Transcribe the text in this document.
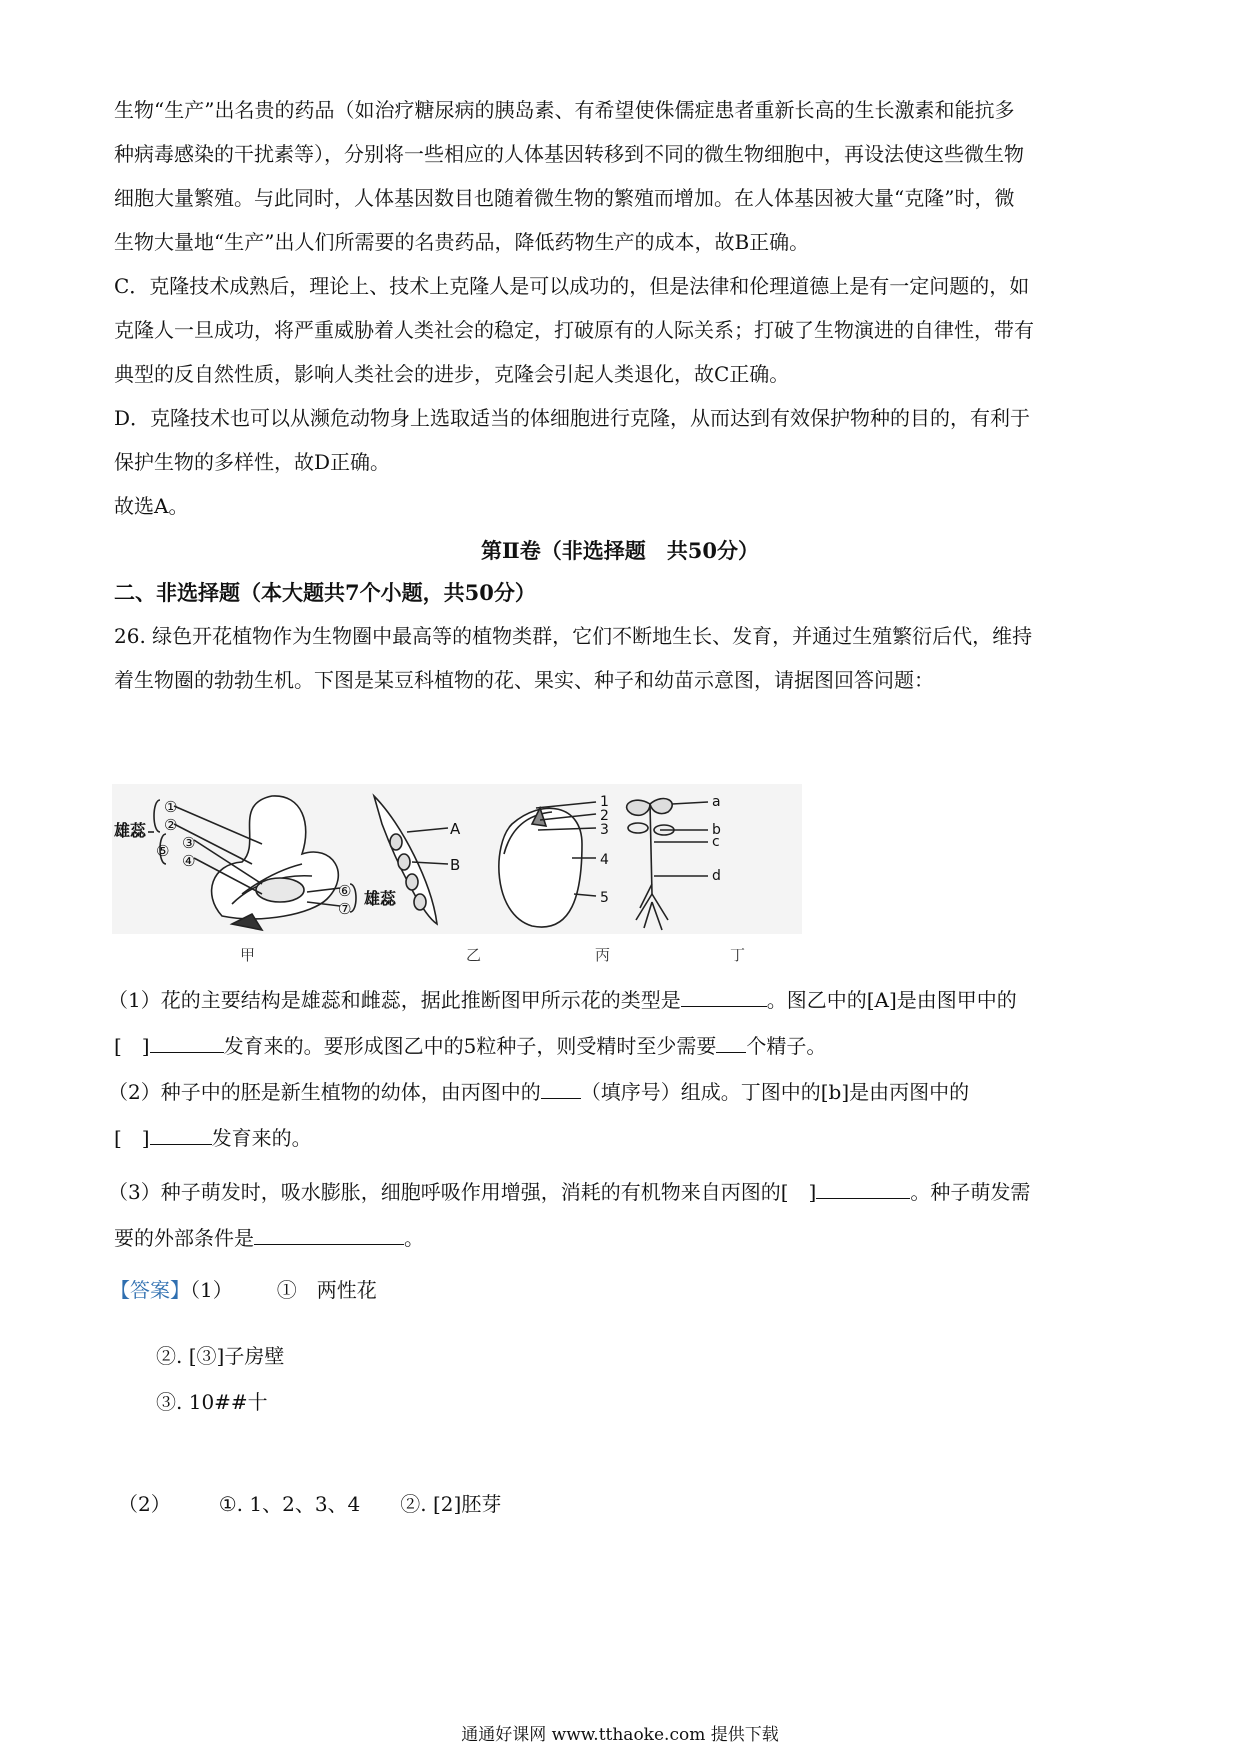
生物“生产”出名贵的药品（如治疗糖尿病的胰岛素、有希望使侏儒症患者重新长高的生长激素和能抗多
种病毒感染的干扰素等），分别将一些相应的人体基因转移到不同的微生物细胞中，再设法使这些微生物
细胞大量繁殖。与此同时，人体基因数目也随着微生物的繁殖而增加。在人体基因被大量“克隆”时，微
生物大量地“生产”出人们所需要的名贵药品，降低药物生产的成本，故B正确。
C．克隆技术成熟后，理论上、技术上克隆人是可以成功的，但是法律和伦理道德上是有一定问题的，如
克隆人一旦成功，将严重威胁着人类社会的稳定，打破原有的人际关系；打破了生物演进的自律性，带有
典型的反自然性质，影响人类社会的进步，克隆会引起人类退化，故C正确。
D．克隆技术也可以从濒危动物身上选取适当的体细胞进行克隆，从而达到有效保护物种的目的，有利于
保护生物的多样性，故D正确。
故选A。
第Ⅱ卷（非选择题　共50分）
二、非选择题（本大题共7个小题，共50分）
26. 绿色开花植物作为生物圈中最高等的植物类群，它们不断地生长、发育，并通过生殖繁衍后代，维持
着生物圈的勃勃生机。下图是某豆科植物的花、果实、种子和幼苗示意图，请据图回答问题：
雄蕊
雄蕊
①
②
③
④
⑤
⑥
⑦
A
B
1
2
3
4
5
a
b
c
d
甲	乙	丙	丁
（1）花的主要结构是雄蕊和雌蕊，据此推断图甲所示花的类型是	。图乙中的[A]是由图甲中的
[　]	发育来的。要形成图乙中的5粒种子，则受精时至少需要 个精子。
（2）种子中的胚是新生植物的幼体，由丙图中的 （填序号）组成。丁图中的[b]是由丙图中的
[　]	发育来的。
（3）种子萌发时，吸水膨胀，细胞呼吸作用增强，消耗的有机物来自丙图的[　]	。种子萌发需
要的外部条件是	。
【答案】（1） ①　两性花
②. [③]子房壁
③. 10##十
（2） ①. 1、2、3、4 ②. [2]胚芽
通通好课网 www.tthaoke.com 提供下载
